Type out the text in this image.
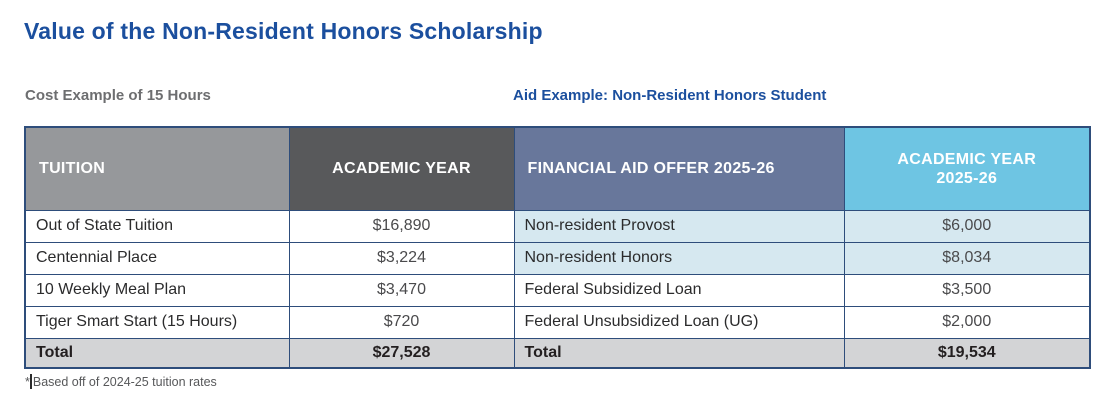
Value of the Non-Resident Honors Scholarship
Cost Example of 15 Hours	Aid Example: Non-Resident Honors Student
TUITION	ACADEMIC YEAR	FINANCIAL AID OFFER 2025-26	ACADEMIC YEAR 2025-26
Out of State Tuition	$16,890	Non-resident Provost	$6,000
Centennial Place	$3,224	Non-resident Honors	$8,034
10 Weekly Meal Plan	$3,470	Federal Subsidized Loan	$3,500
Tiger Smart Start (15 Hours)	$720	Federal Unsubsidized Loan (UG)	$2,000
Total	$27,528	Total	$19,534
* Based off of 2024-25 tuition rates
